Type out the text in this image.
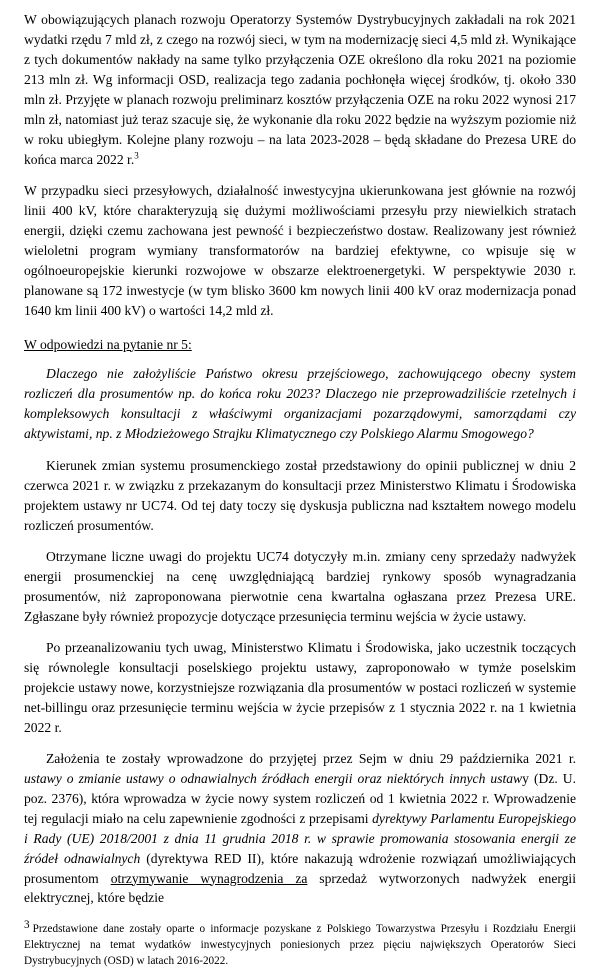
W obowiązujących planach rozwoju Operatorzy Systemów Dystrybucyjnych zakładali na rok 2021 wydatki rzędu 7 mld zł, z czego na rozwój sieci, w tym na modernizację sieci 4,5 mld zł. Wynikające z tych dokumentów nakłady na same tylko przyłączenia OZE określono dla roku 2021 na poziomie 213 mln zł. Wg informacji OSD, realizacja tego zadania pochłonęła więcej środków, tj. około 330 mln zł. Przyjęte w planach rozwoju preliminarz kosztów przyłączenia OZE na roku 2022 wynosi 217 mln zł, natomiast już teraz szacuje się, że wykonanie dla roku 2022 będzie na wyższym poziomie niż w roku ubiegłym. Kolejne plany rozwoju – na lata 2023-2028 – będą składane do Prezesa URE do końca marca 2022 r.$^3$

W przypadku sieci przesyłowych, działalność inwestycyjna ukierunkowana jest głównie na rozwój linii 400 kV, które charakteryzują się dużymi możliwościami przesyłu przy niewielkich stratach energii, dzięki czemu zachowana jest pewność i bezpieczeństwo dostaw. Realizowany jest również wieloletni program wymiany transformatorów na bardziej efektywne, co wpisuje się w ogólnoeuropejskie kierunki rozwojowe w obszarze elektroenergetyki. W perspektywie 2030 r. planowane są 172 inwestycje (w tym blisko 3600 km nowych linii 400 kV oraz modernizacja ponad 1640 km linii 400 kV) o wartości 14,2 mld zł.

W odpowiedzi na pytanie nr 5:

Dlaczego nie założyliście Państwo okresu przejściowego, zachowującego obecny system rozliczeń dla prosumentów np. do końca roku 2023? Dlaczego nie przeprowadziliście rzetelnych i kompleksowych konsultacji z właściwymi organizacjami pozarządowymi, samorządami czy aktywistami, np. z Młodzieżowego Strajku Klimatycznego czy Polskiego Alarmu Smogowego?

Kierunek zmian systemu prosumenckiego został przedstawiony do opinii publicznej w dniu 2 czerwca 2021 r. w związku z przekazanym do konsultacji przez Ministerstwo Klimatu i Środowiska projektem ustawy nr UC74. Od tej daty toczy się dyskusja publiczna nad kształtem nowego modelu rozliczeń prosumentów.

Otrzymane liczne uwagi do projektu UC74 dotyczyły m.in. zmiany ceny sprzedaży nadwyżek energii prosumenckiej na cenę uwzględniającą bardziej rynkowy sposób wynagradzania prosumentów, niż zaproponowana pierwotnie cena kwartalna ogłaszana przez Prezesa URE. Zgłaszane były również propozycje dotyczące przesunięcia terminu wejścia w życie ustawy.

Po przeanalizowaniu tych uwag, Ministerstwo Klimatu i Środowiska, jako uczestnik toczących się równolegle konsultacji poselskiego projektu ustawy, zaproponowało w tymże poselskim projekcie ustawy nowe, korzystniejsze rozwiązania dla prosumentów w postaci rozliczeń w systemie net-billingu oraz przesunięcie terminu wejścia w życie przepisów z 1 stycznia 2022 r. na 1 kwietnia 2022 r.

Założenia te zostały wprowadzone do przyjętej przez Sejm w dniu 29 października 2021 r. ustawy o zmianie ustawy o odnawialnych źródłach energii oraz niektórych innych ustawy (Dz. U. poz. 2376), która wprowadza w życie nowy system rozliczeń od 1 kwietnia 2022 r. Wprowadzenie tej regulacji miało na celu zapewnienie zgodności z przepisami dyrektywy Parlamentu Europejskiego i Rady (UE) 2018/2001 z dnia 11 grudnia 2018 r. w sprawie promowania stosowania energii ze źródeł odnawialnych (dyrektywa RED II), które nakazują wdrożenie rozwiązań umożliwiających prosumentom otrzymywanie wynagrodzenia za sprzedaż wytworzonych nadwyżek energii elektrycznej, które będzie

3 Przedstawione dane zostały oparte o informacje pozyskane z Polskiego Towarzystwa Przesyłu i Rozdziału Energii Elektrycznej na temat wydatków inwestycyjnych poniesionych przez pięciu największych Operatorów Sieci Dystrybucyjnych (OSD) w latach 2016-2022.
